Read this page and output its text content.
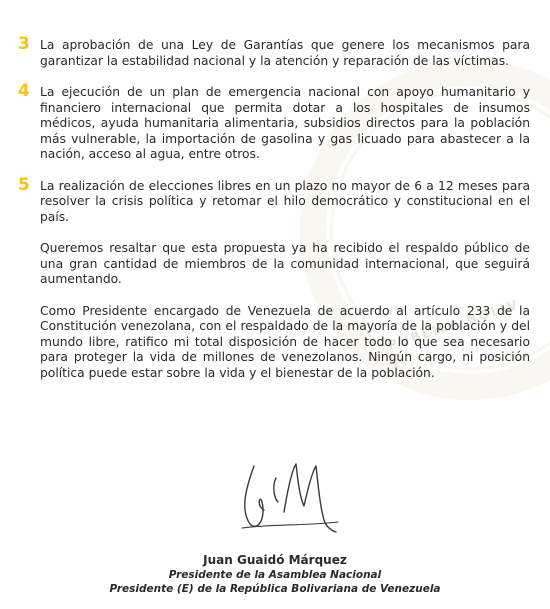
PÚBLICA BOLIV
3 La aprobación de una Ley de Garantías que genere los mecanismos para garantizar la estabilidad nacional y la atención y reparación de las víctimas.
4 La ejecución de un plan de emergencia nacional con apoyo humanitario y financiero internacional que permita dotar a los hospitales de insumos médicos, ayuda humanitaria alimentaria, subsidios directos para la población más vulnerable, la importación de gasolina y gas licuado para abastecer a la nación, acceso al agua, entre otros.
5 La realización de elecciones libres en un plazo no mayor de 6 a 12 meses para resolver la crisis política y retomar el hilo democrático y constitucional en el país.
Queremos resaltar que esta propuesta ya ha recibido el respaldo público de una gran cantidad de miembros de la comunidad internacional, que seguirá aumentando.
Como Presidente encargado de Venezuela de acuerdo al artículo 233 de la Constitución venezolana, con el respaldado de la mayoría de la población y del mundo libre, ratifico mi total disposición de hacer todo lo que sea necesario para proteger la vida de millones de venezolanos. Ningún cargo, ni posición política puede estar sobre la vida y el bienestar de la población.
Juan Guaidó Márquez
Presidente de la Asamblea Nacional
Presidente (E) de la República Bolivariana de Venezuela
